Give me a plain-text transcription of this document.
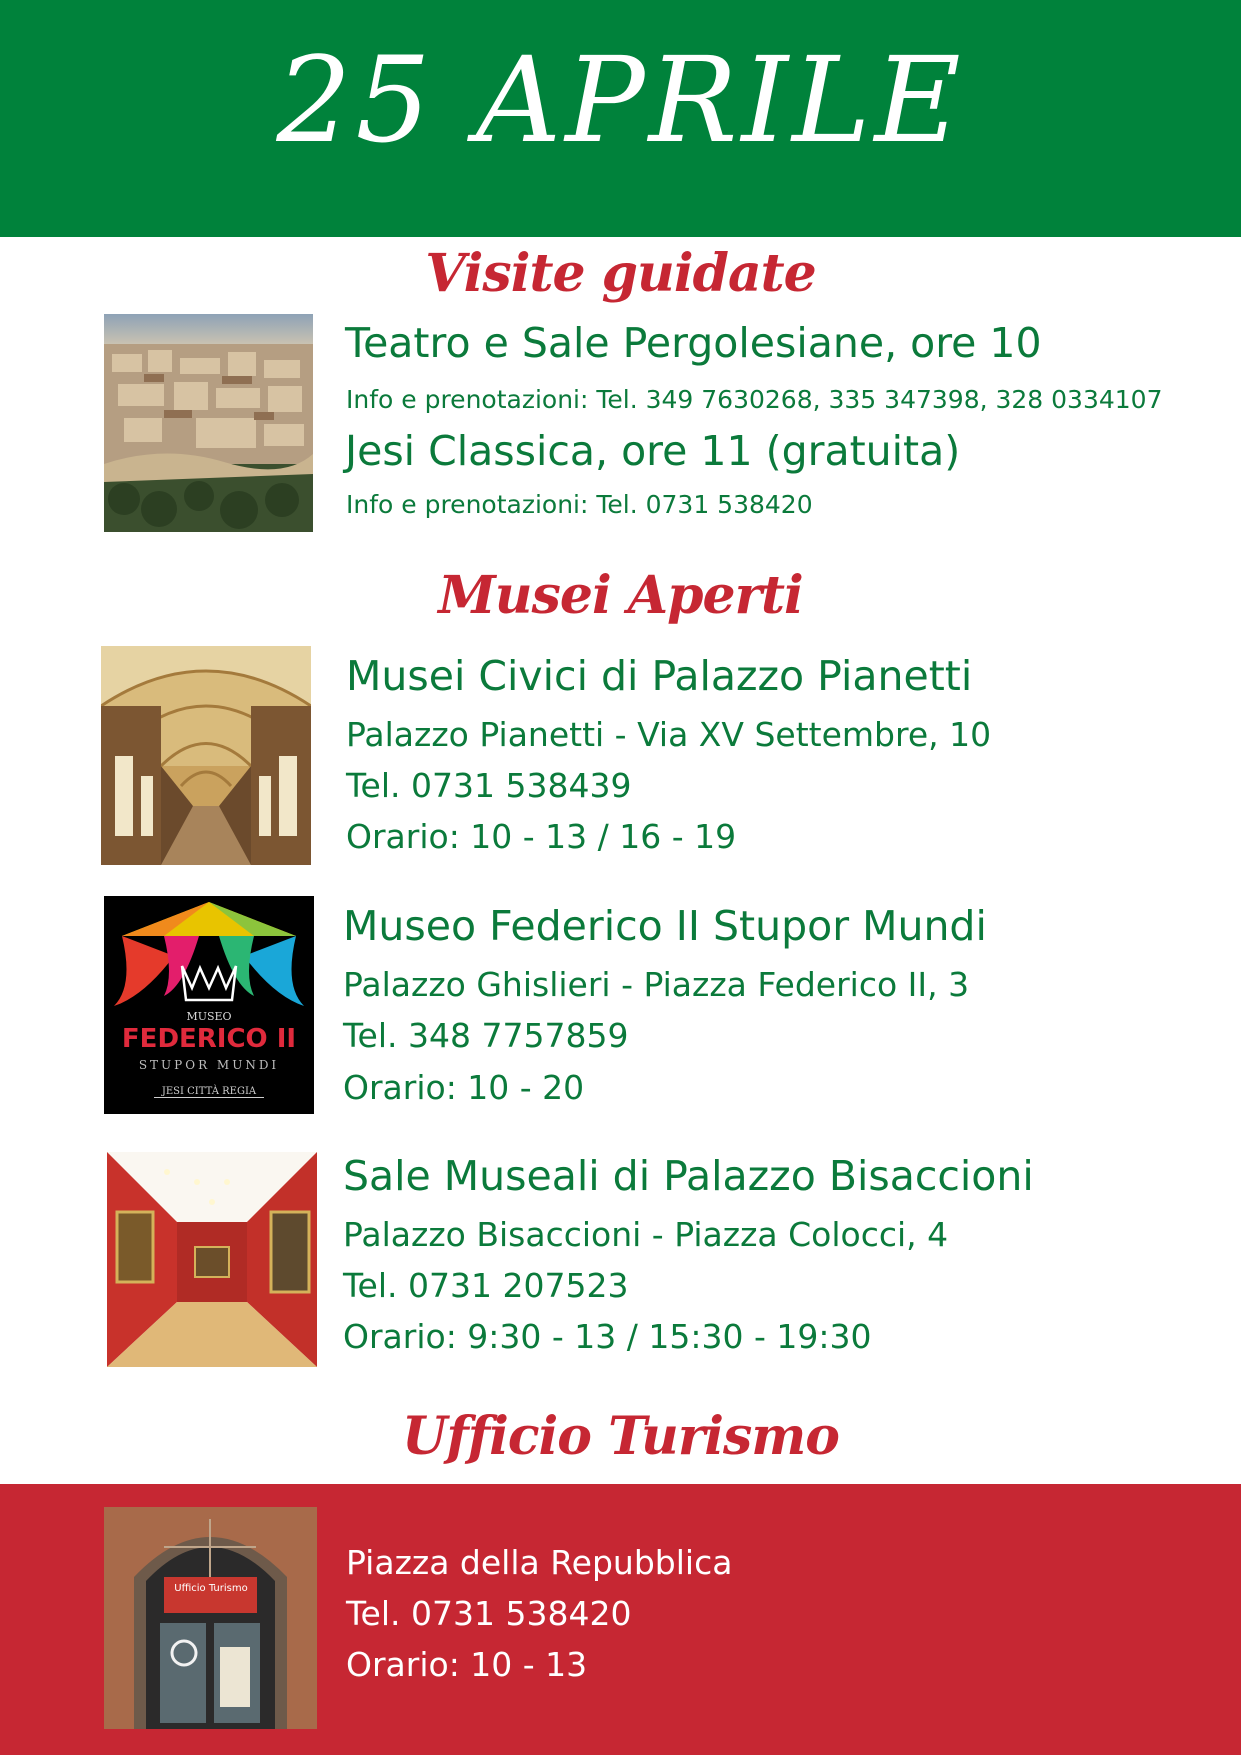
25 APRILE
Visite guidate
Teatro e Sale Pergolesiane, ore 10
Info e prenotazioni: Tel. 349 7630268, 335 347398, 328 0334107
Jesi Classica, ore 11 (gratuita)
Info e prenotazioni: Tel. 0731 538420
Musei Aperti
Musei Civici di Palazzo Pianetti
Palazzo Pianetti - Via XV Settembre, 10
Tel. 0731 538439
Orario: 10 - 13 / 16 - 19
MUSEO
FEDERICO II
STUPOR MUNDI
JESI CITTÀ REGIA
Museo Federico II Stupor Mundi
Palazzo Ghislieri - Piazza Federico II, 3
Tel. 348 7757859
Orario: 10 - 20
Sale Museali di Palazzo Bisaccioni
Palazzo Bisaccioni - Piazza Colocci, 4
Tel. 0731 207523
Orario: 9:30 - 13 / 15:30 - 19:30
Ufficio Turismo
Ufficio Turismo
Piazza della Repubblica
Tel. 0731 538420
Orario: 10 - 13
